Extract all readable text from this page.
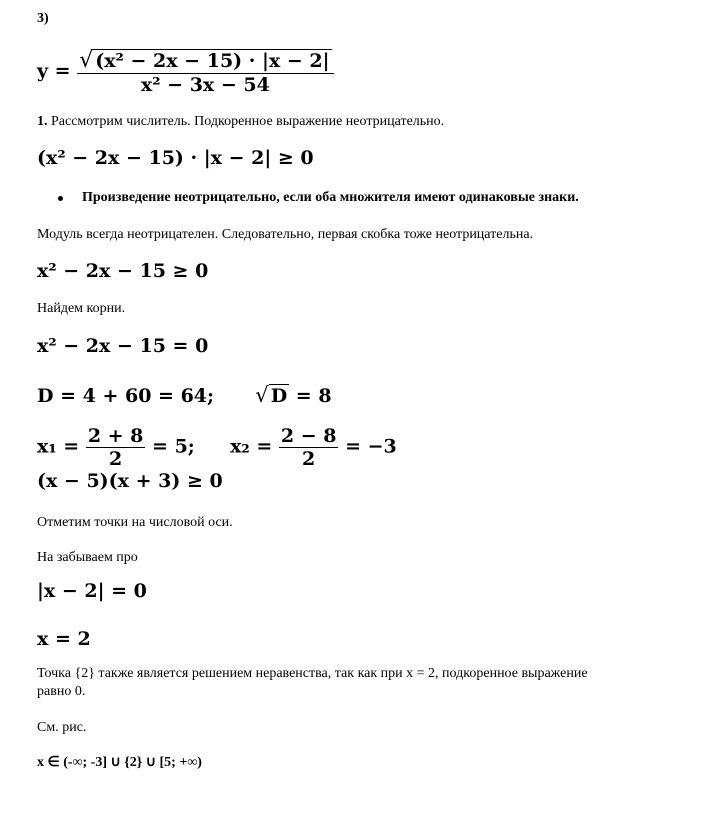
3)
$y = \frac{\text{√ (x² − 2x − 15) · |x − 2|}}{\text{x² − 3x − 54}}$
1. Рассмотрим числитель. Подкоренное выражение неотрицательно.
(x² − 2x − 15) · |x − 2| ≥ 0
Произведение неотрицательно, если оба множителя имеют одинаковые знаки.
Модуль всегда неотрицателен. Следовательно, первая скобка тоже неотрицательна.
x² − 2x − 15 ≥ 0
Найдем корни.
x² − 2x − 15 = 0
D = 4 + 60 = 64; √ D = 8
$x_1 = \frac{2 + 8}{2} = 5$; $x_2 = \frac{2 - 8}{2} = -3$
(x − 5)(x + 3) ≥ 0
Отметим точки на числовой оси.
На забываем про
|x − 2| = 0
x = 2
Точка {2} также является решением неравенства, так как при x = 2, подкоренное выражение
равно 0.
См. рис.
x ∈ (-∞; -3] ∪ {2} ∪ [5; +∞)
